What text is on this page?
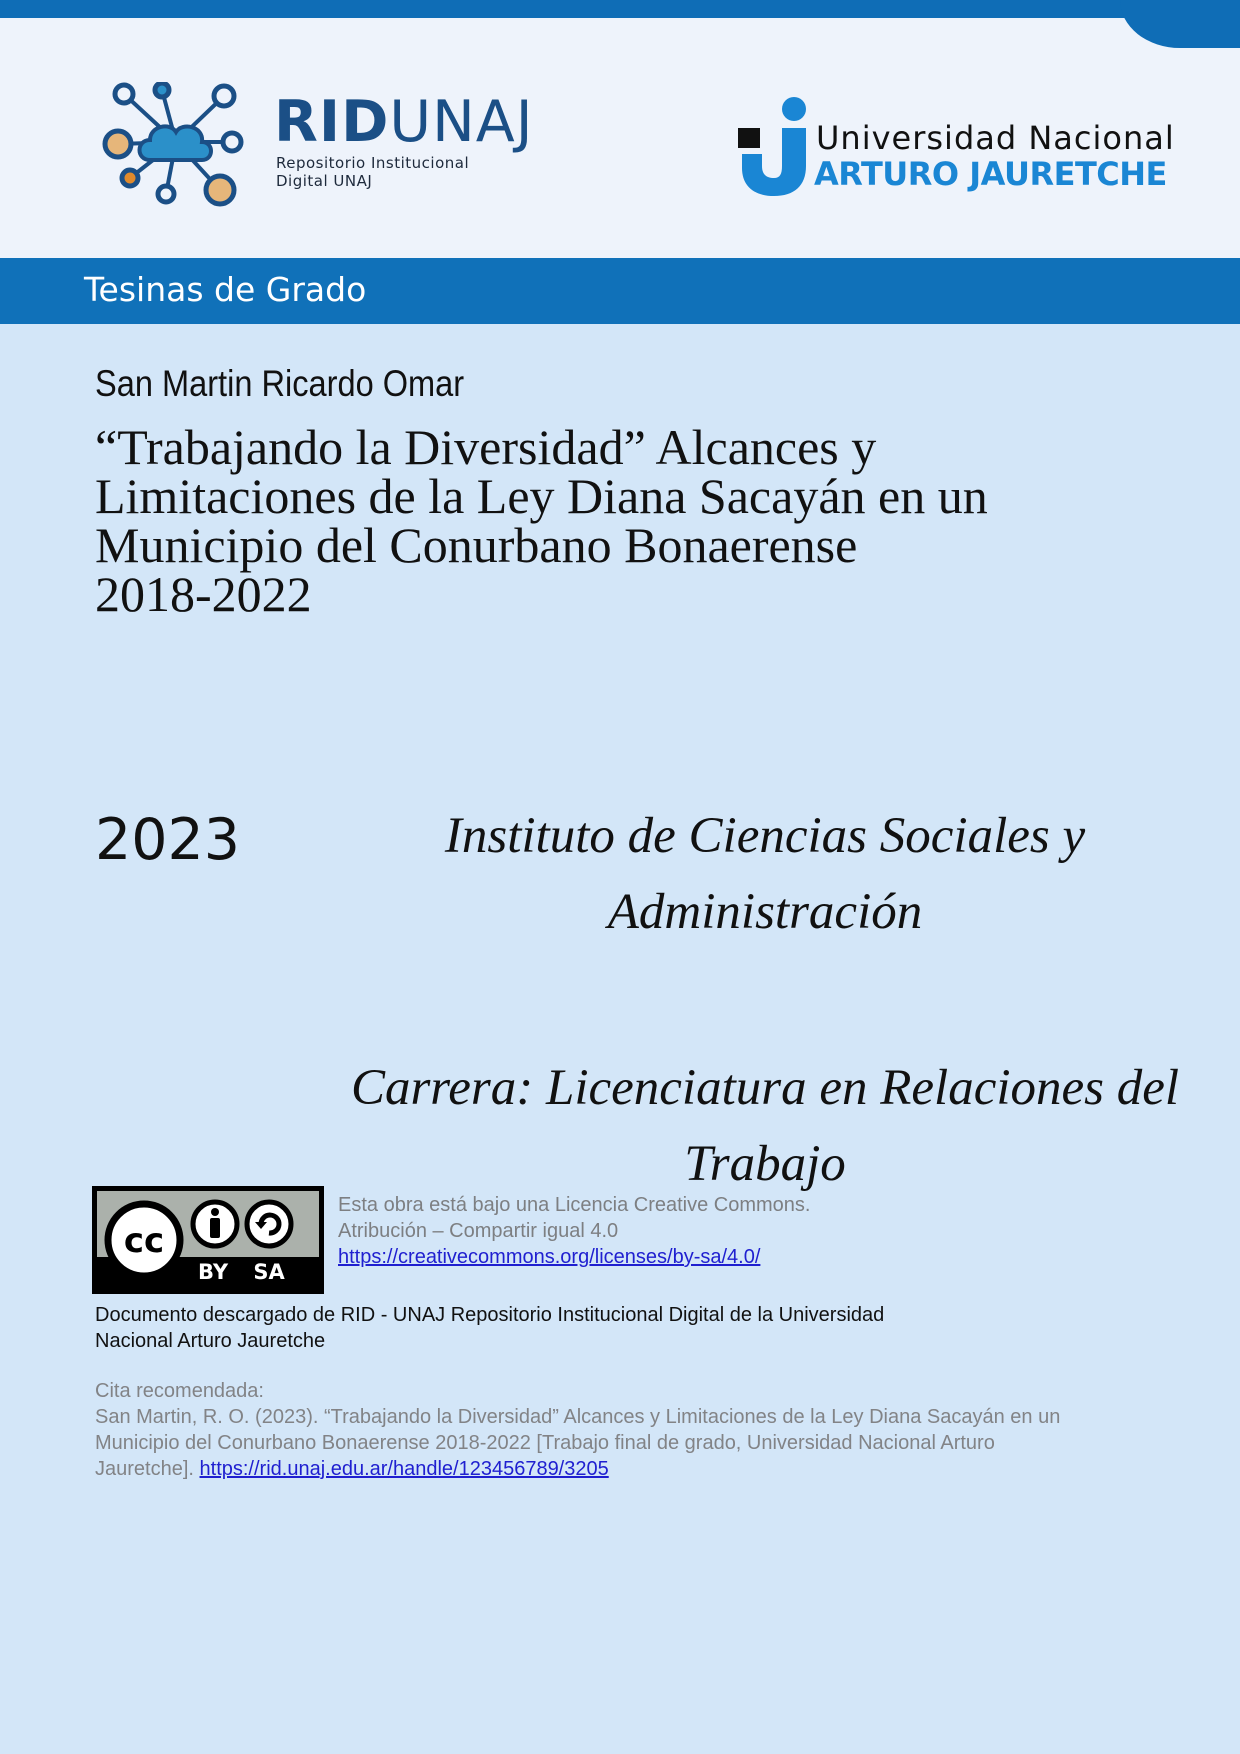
RIDUNAJ
Repositorio Institucional
Digital UNAJ
Universidad Nacional
ARTURO JAURETCHE
Tesinas de Grado
San Martin Ricardo Omar
“Trabajando la Diversidad” Alcances y
Limitaciones de la Ley Diana Sacayán en un
Municipio del Conurbano Bonaerense
2018-2022
2023	Instituto de Ciencias Sociales y
Administración
Carrera: Licenciatura en Relaciones del
Trabajo
cc
BY SA
Esta obra está bajo una Licencia Creative Commons.
Atribución – Compartir igual 4.0
https://creativecommons.org/licenses/by-sa/4.0/
Documento descargado de RID - UNAJ Repositorio Institucional Digital de la Universidad
Nacional Arturo Jauretche
Cita recomendada:
San Martin, R. O. (2023). “Trabajando la Diversidad” Alcances y Limitaciones de la Ley Diana Sacayán en un
Municipio del Conurbano Bonaerense 2018-2022 [Trabajo final de grado, Universidad Nacional Arturo
Jauretche]. https://rid.unaj.edu.ar/handle/123456789/3205
